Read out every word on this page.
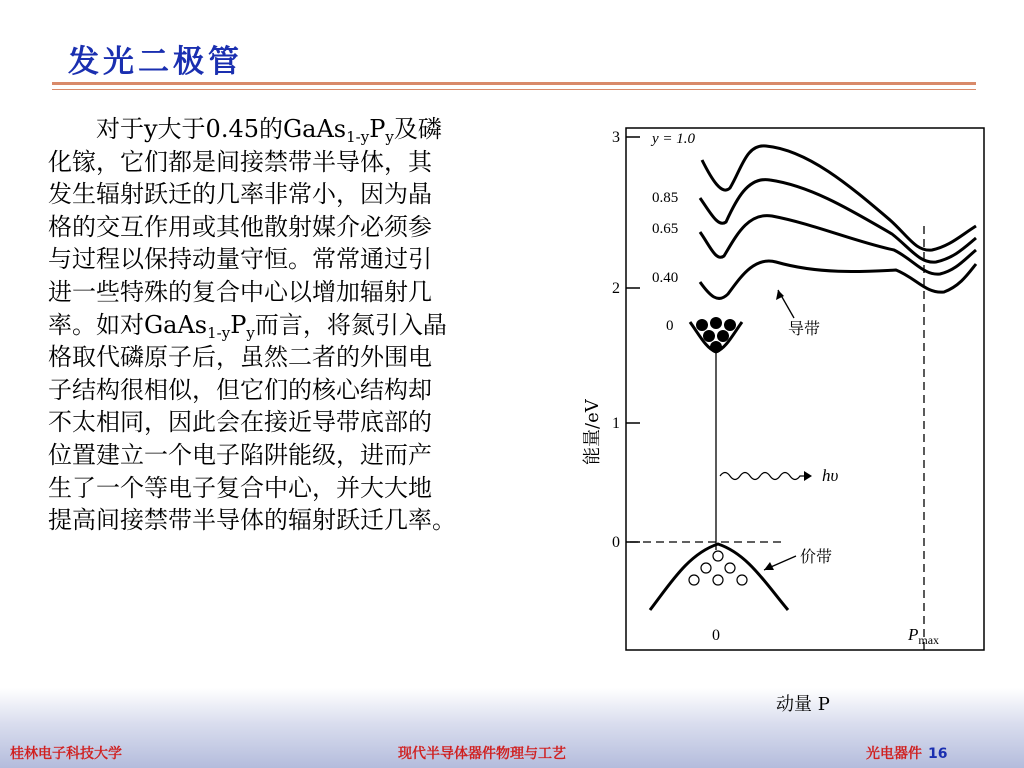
发光二极管
对于y大于0.45的$GaAs_{1-y}P_y$及磷
化镓，它们都是间接禁带半导体，其
发生辐射跃迁的几率非常小，因为晶
格的交互作用或其他散射媒介必须参
与过程以保持动量守恒。常常通过引
进一些特殊的复合中心以增加辐射几
率。如对$GaAs_{1-y}P_y$而言，将氮引入晶
格取代磷原子后，虽然二者的外围电
子结构很相似，但它们的核心结构却
不太相同，因此会在接近导带底部的
位置建立一个电子陷阱能级，进而产
生了一个等电子复合中心，并大大地
提高间接禁带半导体的辐射跃迁几率。
3
2
1
0
能量/eV
y = 1.0
0.85
0.65
0.40
0	导带
hυ
价带
0	$P_{max}$
动量 P
桂林电子科技大学	现代半导体器件物理与工艺	光电器件 16
